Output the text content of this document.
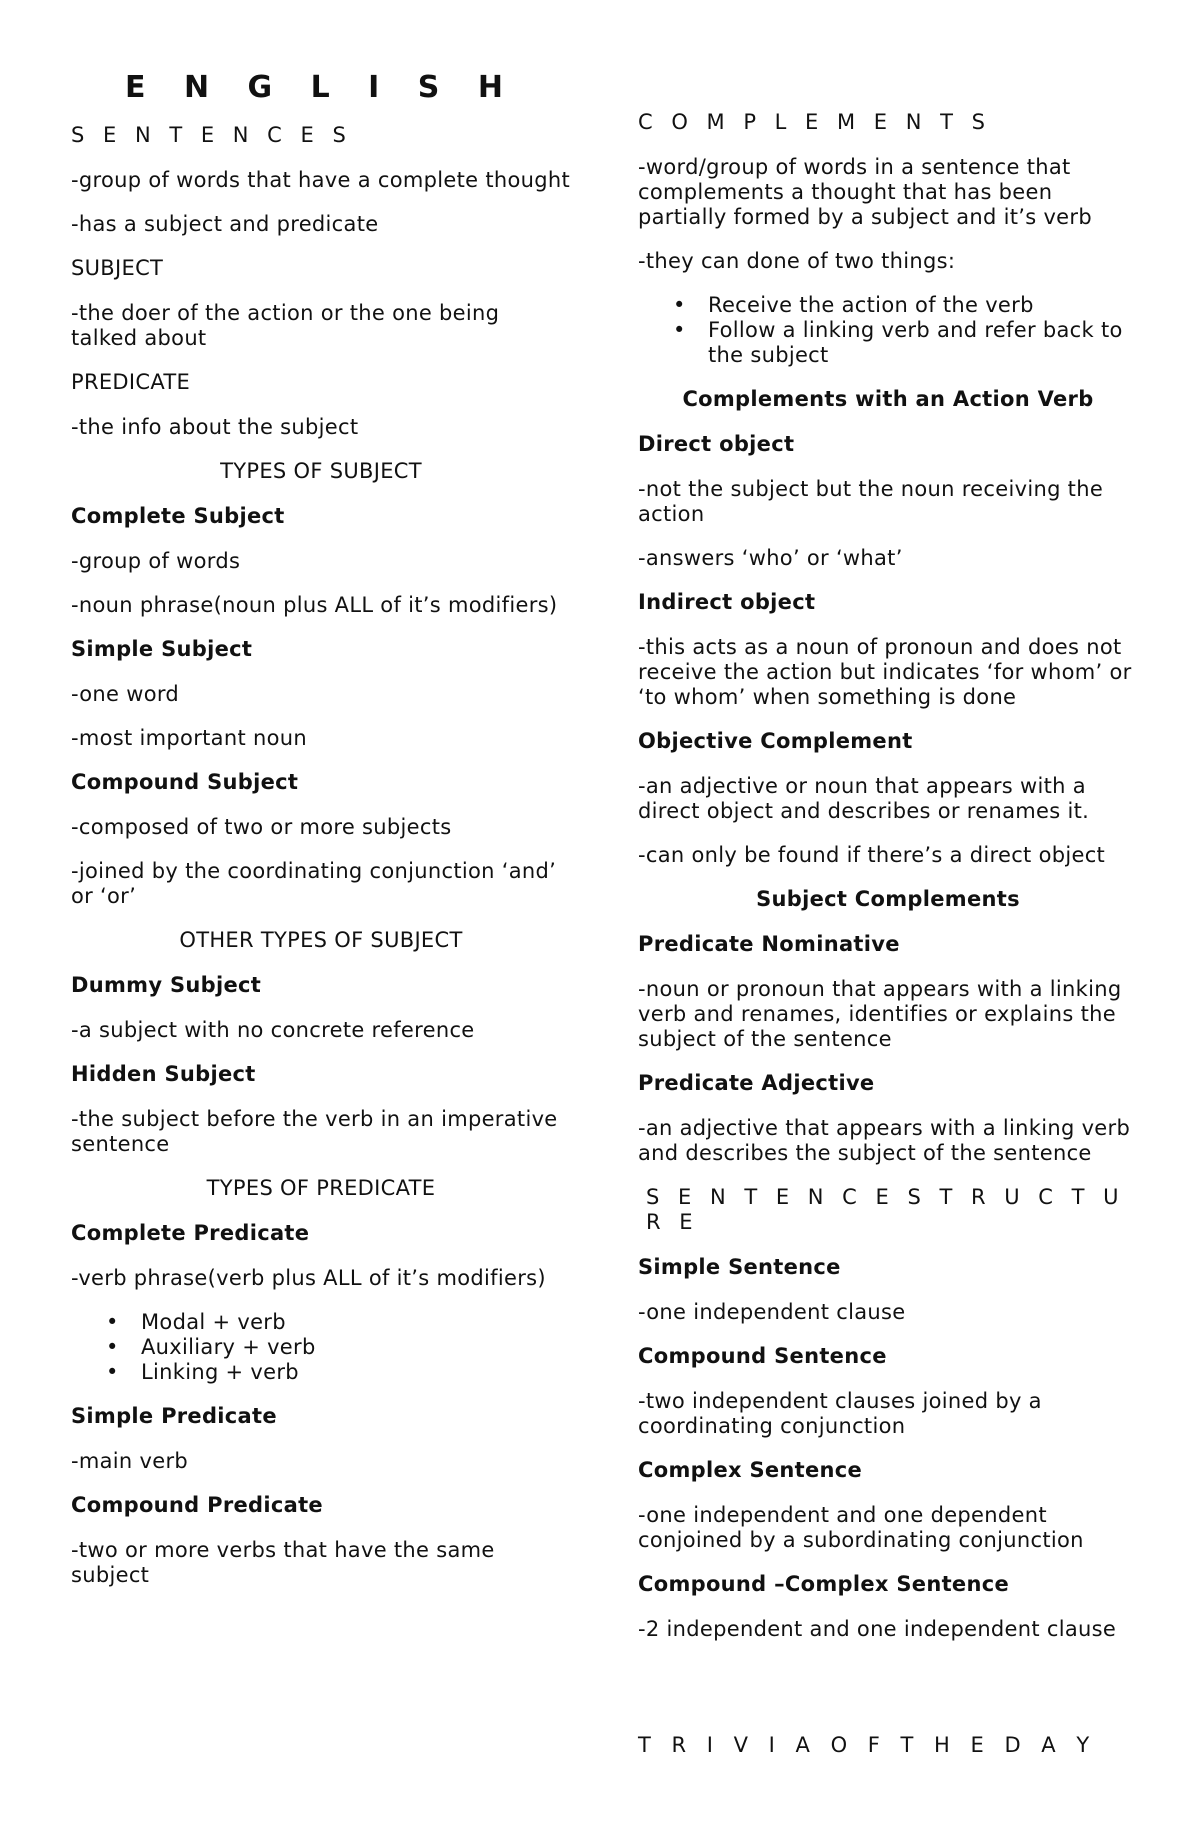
E N G L I S H
S E N T E N C E S
-group of words that have a complete thought
-has a subject and predicate
SUBJECT
-the doer of the action or the one being talked about
PREDICATE
-the info about the subject
TYPES OF SUBJECT
Complete Subject
-group of words
-noun phrase(noun plus ALL of it’s modifiers)
Simple Subject
-one word
-most important noun
Compound Subject
-composed of two or more subjects
-joined by the coordinating conjunction ‘and’ or ‘or’
OTHER TYPES OF SUBJECT
Dummy Subject
-a subject with no concrete reference
Hidden Subject
-the subject before the verb in an imperative sentence
TYPES OF PREDICATE
Complete Predicate
-verb phrase(verb plus ALL of it’s modifiers)
• Modal + verb
• Auxiliary + verb
• Linking + verb
Simple Predicate
-main verb
Compound Predicate
-two or more verbs that have the same subject
C O M P L E M E N T S
-word/group of words in a sentence that complements a thought that has been partially formed by a subject and it’s verb
-they can done of two things:
• Receive the action of the verb
• Follow a linking verb and refer back to the subject
Complements with an Action Verb
Direct object
-not the subject but the noun receiving the action
-answers ‘who’ or ‘what’
Indirect object
-this acts as a noun of pronoun and does not receive the action but indicates ‘for whom’ or ‘to whom’ when something is done
Objective Complement
-an adjective or noun that appears with a direct object and describes or renames it.
-can only be found if there’s a direct object
Subject Complements
Predicate Nominative
-noun or pronoun that appears with a linking verb and renames, identifies or explains the subject of the sentence
Predicate Adjective
-an adjective that appears with a linking verb and describes the subject of the sentence
S E N T E N C E S T R U C T U R E
Simple Sentence
-one independent clause
Compound Sentence
-two independent clauses joined by a coordinating conjunction
Complex Sentence
-one independent and one dependent conjoined by a subordinating conjunction
Compound –Complex Sentence
-2 independent and one independent clause
T R I V I A O F T H E D A Y
